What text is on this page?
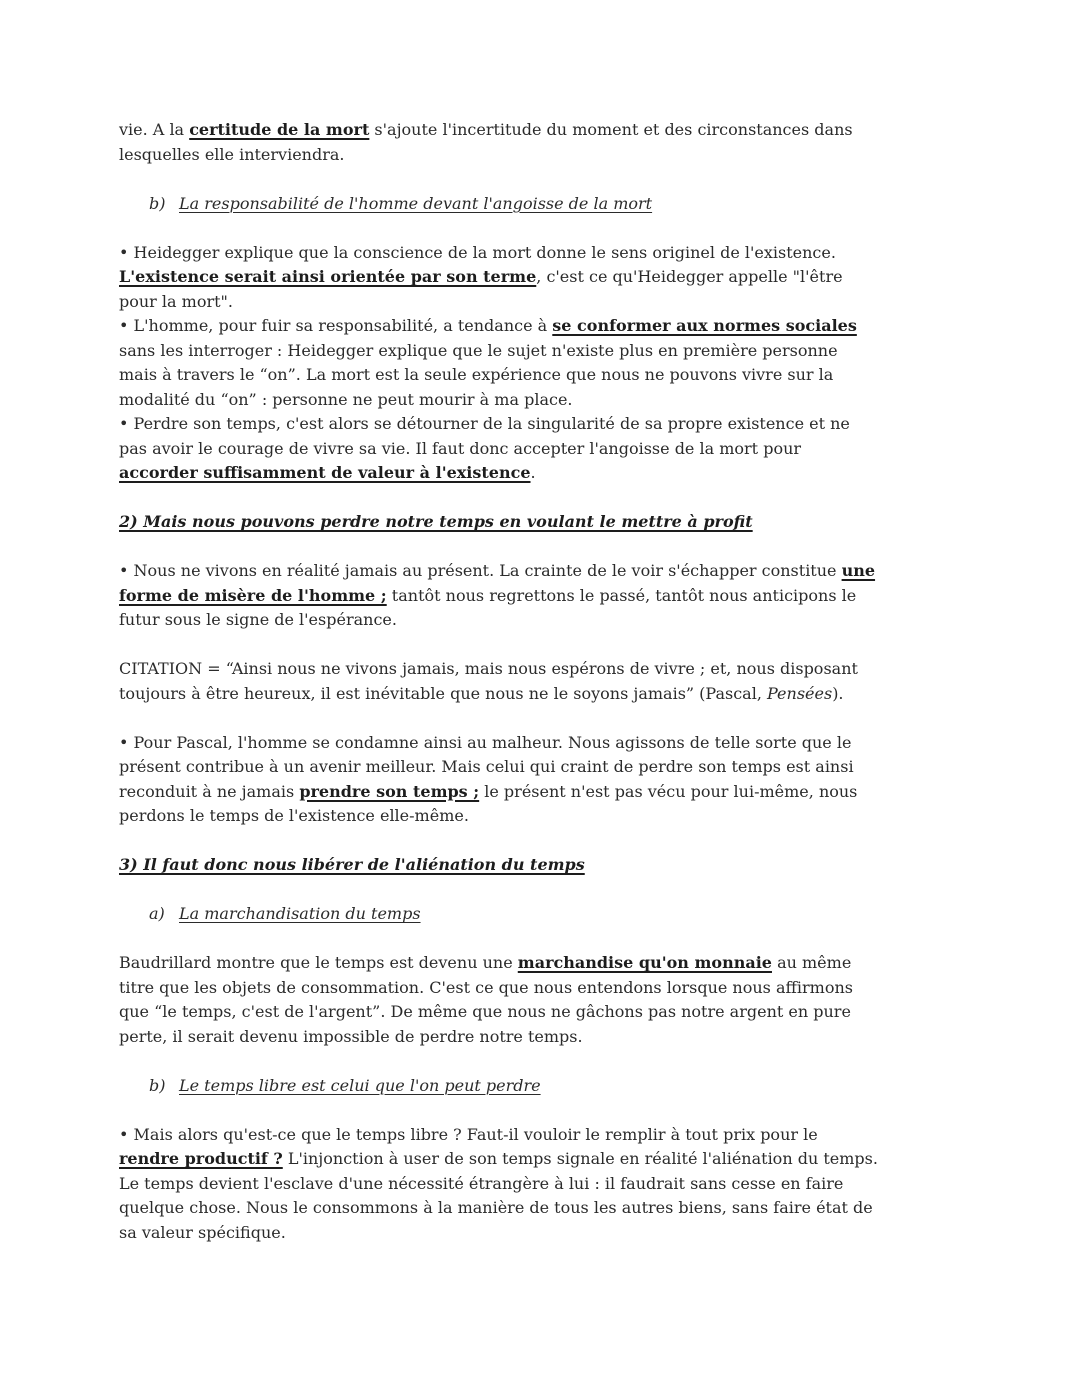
vie. A la certitude de la mort s'ajoute l'incertitude du moment et des circonstances dans lesquelles elle interviendra.

b) La responsabilité de l'homme devant l'angoisse de la mort

• Heidegger explique que la conscience de la mort donne le sens originel de l'existence. L'existence serait ainsi orientée par son terme, c'est ce qu'Heidegger appelle "l'être pour la mort".

• L'homme, pour fuir sa responsabilité, a tendance à se conformer aux normes sociales sans les interroger : Heidegger explique que le sujet n'existe plus en première personne mais à travers le “on”. La mort est la seule expérience que nous ne pouvons vivre sur la modalité du “on” : personne ne peut mourir à ma place.

• Perdre son temps, c'est alors se détourner de la singularité de sa propre existence et ne pas avoir le courage de vivre sa vie. Il faut donc accepter l'angoisse de la mort pour accorder suffisamment de valeur à l'existence.

2) Mais nous pouvons perdre notre temps en voulant le mettre à profit

• Nous ne vivons en réalité jamais au présent. La crainte de le voir s'échapper constitue une forme de misère de l'homme ; tantôt nous regrettons le passé, tantôt nous anticipons le futur sous le signe de l'espérance.

CITATION = “Ainsi nous ne vivons jamais, mais nous espérons de vivre ; et, nous disposant toujours à être heureux, il est inévitable que nous ne le soyons jamais” (Pascal, Pensées).

• Pour Pascal, l'homme se condamne ainsi au malheur. Nous agissons de telle sorte que le présent contribue à un avenir meilleur. Mais celui qui craint de perdre son temps est ainsi reconduit à ne jamais prendre son temps ; le présent n'est pas vécu pour lui-même, nous perdons le temps de l'existence elle-même.

3) Il faut donc nous libérer de l'aliénation du temps

a) La marchandisation du temps

Baudrillard montre que le temps est devenu une marchandise qu'on monnaie au même titre que les objets de consommation. C'est ce que nous entendons lorsque nous affirmons que “le temps, c'est de l'argent”. De même que nous ne gâchons pas notre argent en pure perte, il serait devenu impossible de perdre notre temps.

b) Le temps libre est celui que l'on peut perdre

• Mais alors qu'est-ce que le temps libre ? Faut-il vouloir le remplir à tout prix pour le rendre productif ? L'injonction à user de son temps signale en réalité l'aliénation du temps. Le temps devient l'esclave d'une nécessité étrangère à lui : il faudrait sans cesse en faire quelque chose. Nous le consommons à la manière de tous les autres biens, sans faire état de sa valeur spécifique.
